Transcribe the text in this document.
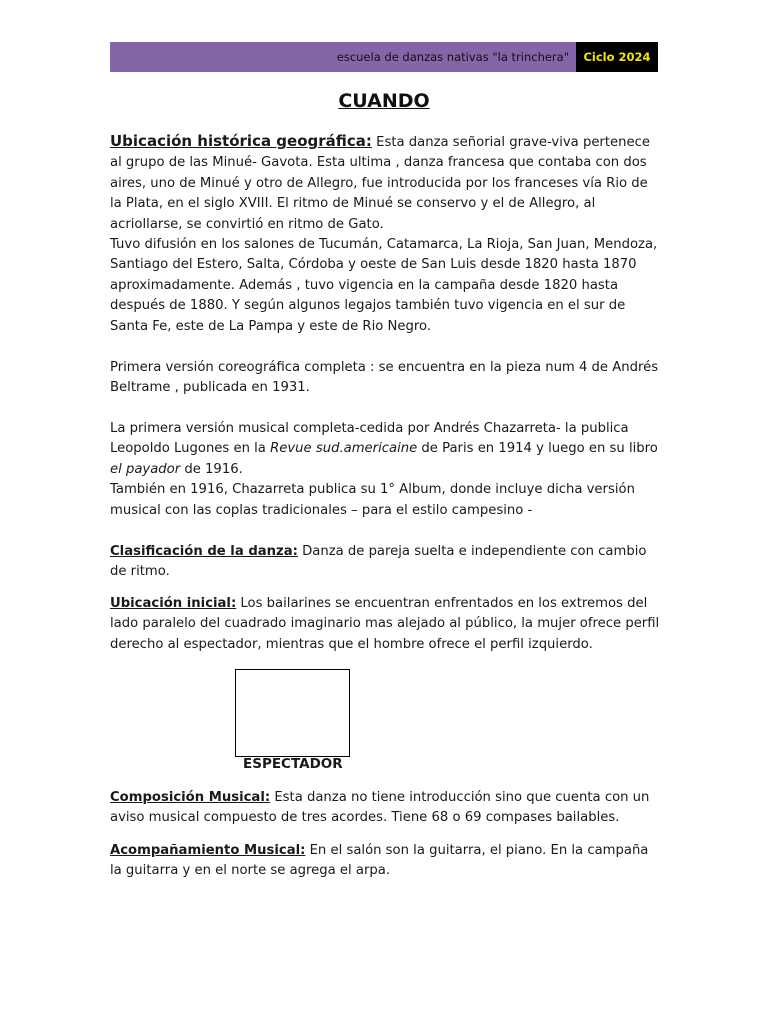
escuela de danzas nativas "la trinchera"	Ciclo 2024
CUANDO

Ubicación histórica geográfica: Esta danza señorial grave-viva pertenece al grupo de las Minué- Gavota. Esta ultima , danza francesa que contaba con dos aires, uno de Minué y otro de Allegro, fue introducida por los franceses vía Rio de la Plata, en el siglo XVIII. El ritmo de Minué se conservo y el de Allegro, al acriollarse, se convirtió en ritmo de Gato.

Tuvo difusión en los salones de Tucumán, Catamarca, La Rioja, San Juan, Mendoza, Santiago del Estero, Salta, Córdoba y oeste de San Luis desde 1820 hasta 1870 aproximadamente. Además , tuvo vigencia en la campaña desde 1820 hasta después de 1880. Y según algunos legajos también tuvo vigencia en el sur de Santa Fe, este de La Pampa y este de Rio Negro.

Primera versión coreográfica completa : se encuentra en la pieza num 4 de Andrés Beltrame , publicada en 1931.

La primera versión musical completa-cedida por Andrés Chazarreta- la publica Leopoldo Lugones en la Revue sud.americaine de Paris en 1914 y luego en su libro el payador de 1916.

También en 1916, Chazarreta publica su 1° Album, donde incluye dicha versión musical con las coplas tradicionales – para el estilo campesino -

Clasificación de la danza: Danza de pareja suelta e independiente con cambio de ritmo.

Ubicación inicial: Los bailarines se encuentran enfrentados en los extremos del lado paralelo del cuadrado imaginario mas alejado al público, la mujer ofrece perfil derecho al espectador, mientras que el hombre ofrece el perfil izquierdo.

ESPECTADOR

Composición Musical: Esta danza no tiene introducción sino que cuenta con un aviso musical compuesto de tres acordes. Tiene 68 o 69 compases bailables.

Acompañamiento Musical: En el salón son la guitarra, el piano. En la campaña la guitarra y en el norte se agrega el arpa.
